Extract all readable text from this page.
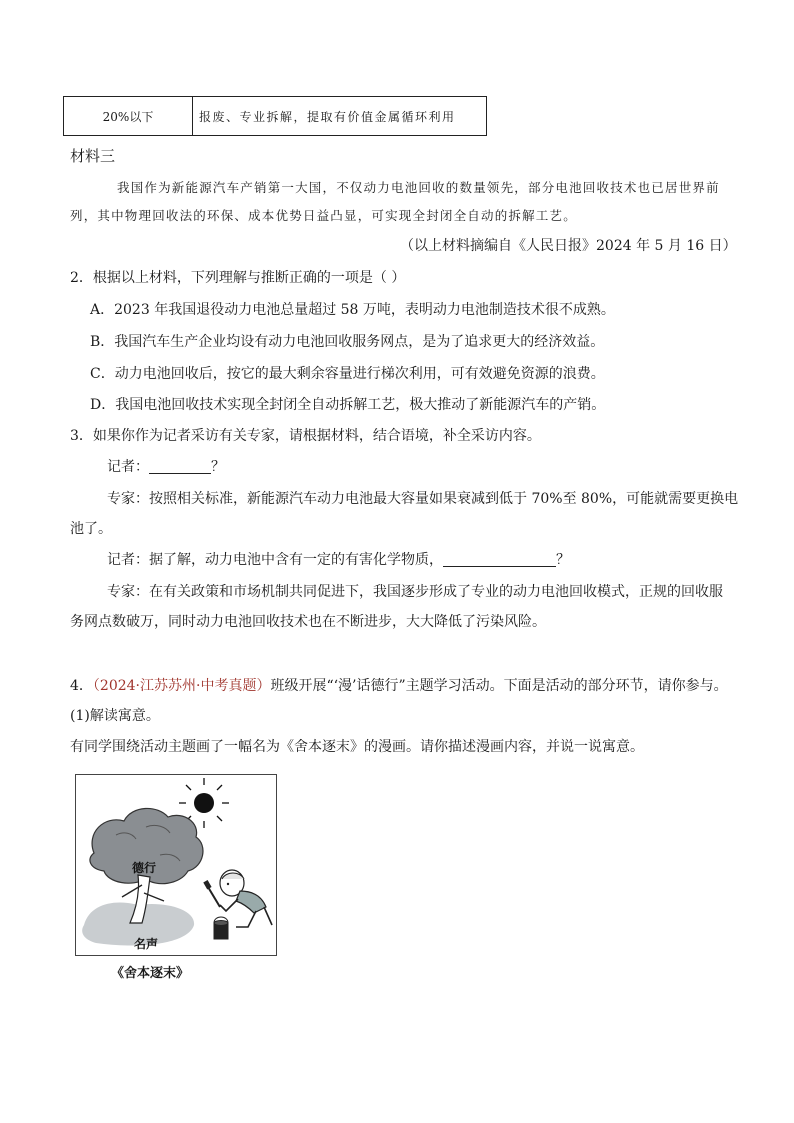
20%以下	报废、专业拆解，提取有价值金属循环利用
材料三
我国作为新能源汽车产销第一大国，不仅动力电池回收的数量领先，部分电池回收技术也已居世界前
列，其中物理回收法的环保、成本优势日益凸显，可实现全封闭全自动的拆解工艺。
（以上材料摘编自《人民日报》2024 年 5 月 16 日）
2．根据以上材料，下列理解与推断正确的一项是（ ）
A．2023 年我国退役动力电池总量超过 58 万吨，表明动力电池制造技术很不成熟。
B．我国汽车生产企业均设有动力电池回收服务网点，是为了追求更大的经济效益。
C．动力电池回收后，按它的最大剩余容量进行梯次利用，可有效避免资源的浪费。
D．我国电池回收技术实现全封闭全自动拆解工艺，极大推动了新能源汽车的产销。
3．如果你作为记者采访有关专家，请根据材料，结合语境，补全采访内容。
记者：	？
专家：按照相关标准，新能源汽车动力电池最大容量如果衰减到低于 70%至 80%，可能就需要更换电
池了。
记者：据了解，动力电池中含有一定的有害化学物质，	？
专家：在有关政策和市场机制共同促进下，我国逐步形成了专业的动力电池回收模式，正规的回收服
务网点数破万，同时动力电池回收技术也在不断进步，大大降低了污染风险。
4．（2024·江苏苏州·中考真题）班级开展“‘漫’话德行”主题学习活动。下面是活动的部分环节，请你参与。
(1)解读寓意。
有同学围绕活动主题画了一幅名为《舍本逐末》的漫画。请你描述漫画内容，并说一说寓意。
德行
名声
《舍本逐末》
